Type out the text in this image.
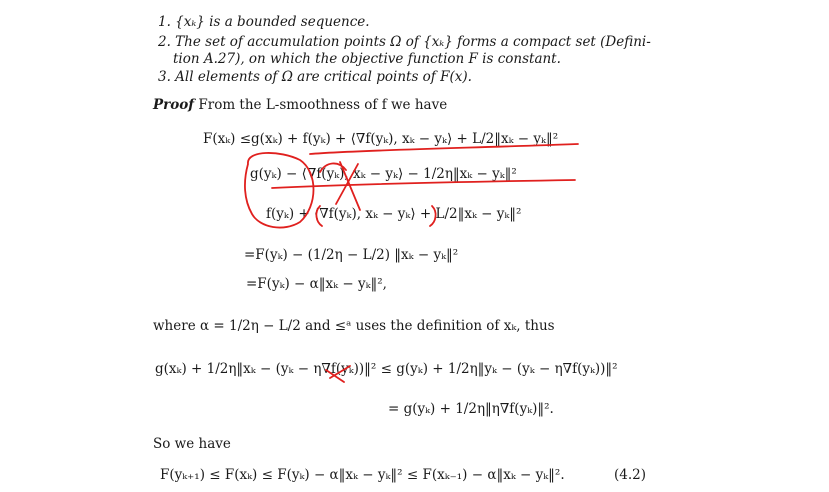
1. {xₖ} is a bounded sequence.
2. The set of accumulation points Ω of {xₖ} forms a compact set (Defini-
tion A.27), on which the objective function F is constant.
3. All elements of Ω are critical points of F(x).
Proof From the L-smoothness of f we have
F(xₖ) ≤g(xₖ) + f(yₖ) + ⟨∇f(yₖ), xₖ − yₖ⟩ + L/2‖xₖ − yₖ‖²
g(yₖ) − ⟨∇f(yₖ), xₖ − yₖ⟩ − 1/2η‖xₖ − yₖ‖²
f(yₖ) + ⟨∇f(yₖ), xₖ − yₖ⟩ + L/2‖xₖ − yₖ‖²
=F(yₖ) − (1/2η − L/2) ‖xₖ − yₖ‖²
=F(yₖ) − α‖xₖ − yₖ‖²,
where α = 1/2η − L/2 and ≤ᵃ uses the definition of xₖ, thus
g(xₖ) + 1/2η‖xₖ − (yₖ − η∇f(yₖ))‖² ≤ g(yₖ) + 1/2η‖yₖ − (yₖ − η∇f(yₖ))‖²
= g(yₖ) + 1/2η‖η∇f(yₖ)‖².
So we have
F(yₖ₊₁) ≤ F(xₖ) ≤ F(yₖ) − α‖xₖ − yₖ‖² ≤ F(xₖ₋₁) − α‖xₖ − yₖ‖².	(4.2)
